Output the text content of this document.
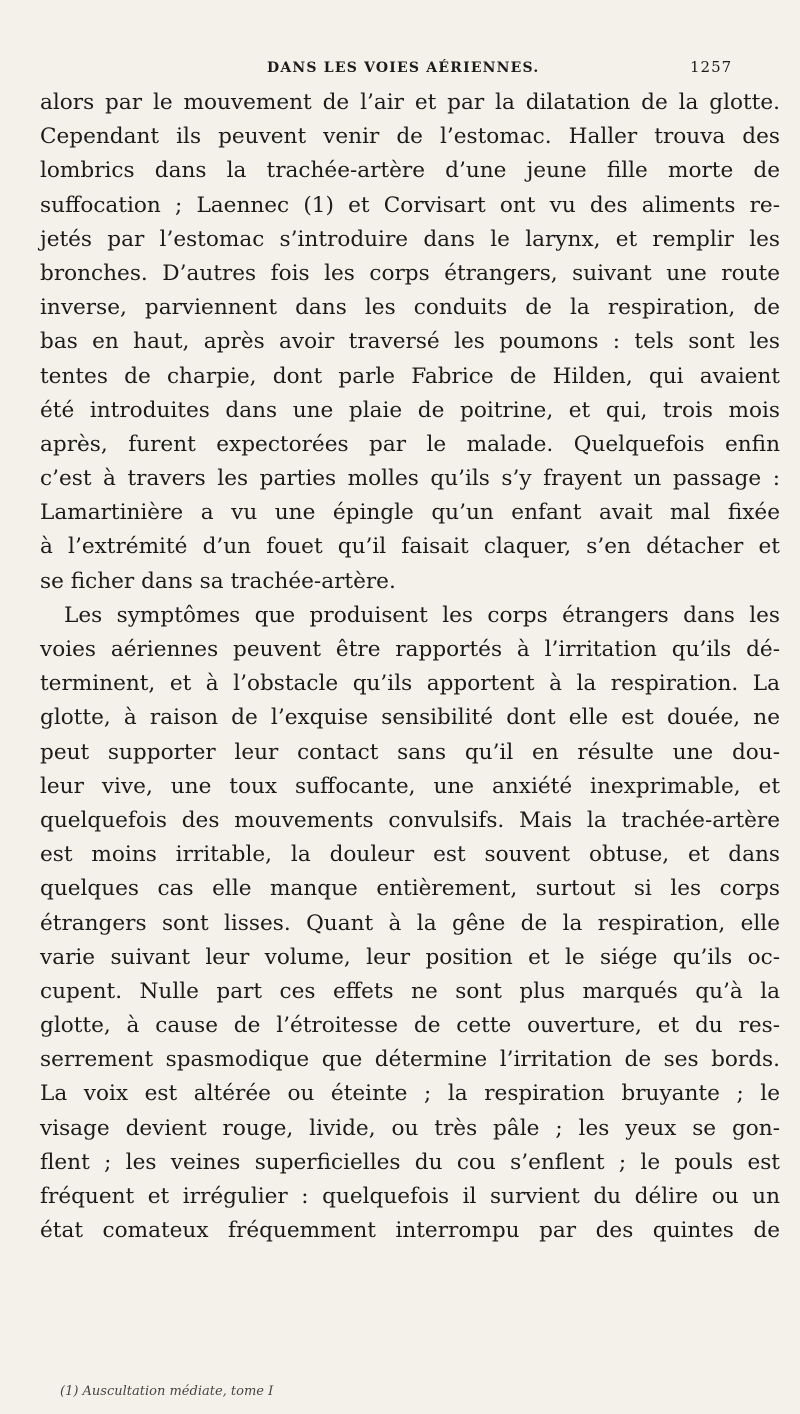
DANS LES VOIES AÉRIENNES.	1257
alors par le mouvement de l’air et par la dilatation de la glotte.
Cependant ils peuvent venir de l’estomac. Haller trouva des
lombrics dans la trachée-artère d’une jeune fille morte de
suffocation ; Laennec (1) et Corvisart ont vu des aliments re-
jetés par l’estomac s’introduire dans le larynx, et remplir les
bronches. D’autres fois les corps étrangers, suivant une route
inverse, parviennent dans les conduits de la respiration, de
bas en haut, après avoir traversé les poumons : tels sont les
tentes de charpie, dont parle Fabrice de Hilden, qui avaient
été introduites dans une plaie de poitrine, et qui, trois mois
après, furent expectorées par le malade. Quelquefois enfin
c’est à travers les parties molles qu’ils s’y frayent un passage :
Lamartinière a vu une épingle qu’un enfant avait mal fixée
à l’extrémité d’un fouet qu’il faisait claquer, s’en détacher et
se ficher dans sa trachée-artère.
Les symptômes que produisent les corps étrangers dans les
voies aériennes peuvent être rapportés à l’irritation qu’ils dé-
terminent, et à l’obstacle qu’ils apportent à la respiration. La
glotte, à raison de l’exquise sensibilité dont elle est douée, ne
peut supporter leur contact sans qu’il en résulte une dou-
leur vive, une toux suffocante, une anxiété inexprimable, et
quelquefois des mouvements convulsifs. Mais la trachée-artère
est moins irritable, la douleur est souvent obtuse, et dans
quelques cas elle manque entièrement, surtout si les corps
étrangers sont lisses. Quant à la gêne de la respiration, elle
varie suivant leur volume, leur position et le siége qu’ils oc-
cupent. Nulle part ces effets ne sont plus marqués qu’à la
glotte, à cause de l’étroitesse de cette ouverture, et du res-
serrement spasmodique que détermine l’irritation de ses bords.
La voix est altérée ou éteinte ; la respiration bruyante ; le
visage devient rouge, livide, ou très pâle ; les yeux se gon-
flent ; les veines superficielles du cou s’enflent ; le pouls est
fréquent et irrégulier : quelquefois il survient du délire ou un
état comateux fréquemment interrompu par des quintes de
(1) Auscultation médiate, tome I
